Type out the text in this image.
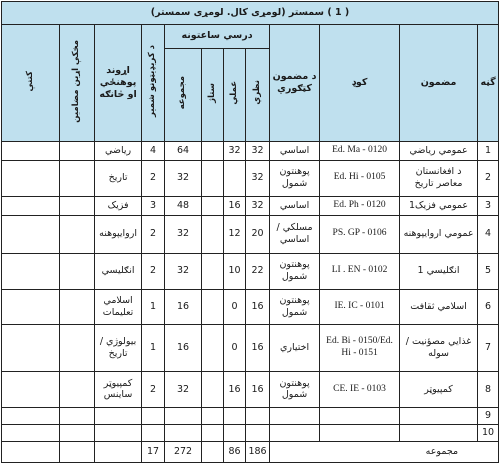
( 1 ) سمستر (لومړی کال. لومړی سمستر)											
گڼه	مضمون	کوډ	د مضمون کټګوري	درسي ساعتونه				د کریډیټونو شمیر	اړوند پوهنځي او څانګه	مخکې اړین مضامین	کتنې
				نظري	عملي	ستاژ	مجموعه				
1	عمومي رياضي	Ed. Ma - 0120	اساسي	32	32		64	4	رياضي		
2	د افغانستان معاصر تاريخ	Ed. Hi - 0105	پوهنتون شمول	32			32	2	تاريخ		
3	عمومي فزيک1	Ed. Ph - 0120	اساسي	32	16		48	3	فزيک		
4	عمومي اروايپوهنه	PS. GP - 0106	مسلکي / اساسي	20	12		32	2	اروايپوهنه		
5	انګليسي 1	LI . EN - 0102	پوهنتون شمول	22	10		32	2	انګليسي		
6	اسلامي ثقافت	IE. IC - 0101	پوهنتون شمول	16	0		16	1	اسلامي تعليمات		
7	غذايي مصؤنيت / سوله	Ed. Bi - 0150/Ed. Hi - 0151	اختياري	16	0		16	1	بيولوژي / تاريخ		
8	کمپيوټر	CE. IE - 0103	پوهنتون شمول	16	16		32	2	کمپيوټر ساينس		
9											
10											
مجموعه				186	86		272	17			
